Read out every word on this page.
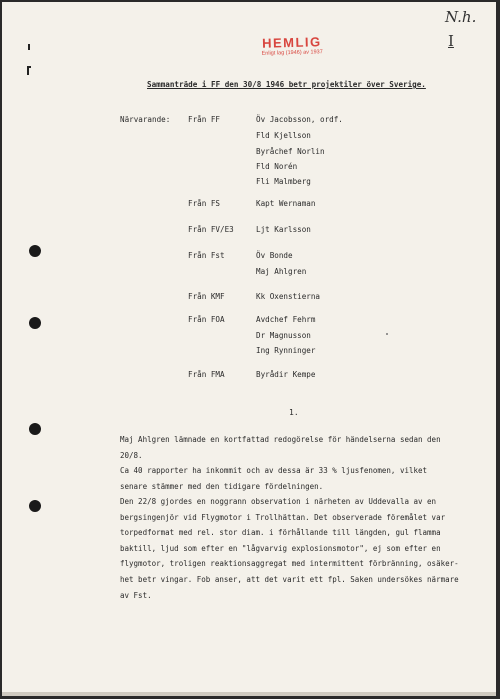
HEMLIG
Enligt lag (1946) av 1937
N.h.
I
Sammanträde i FF den 30/8 1946 betr projektiler över Sverige.
Närvarande: Från FF	Öv Jacobsson, ordf.
Fld Kjellson
Byråchef Norlin
Fld Norén
Fli Malmberg
Från FS	Kapt Wernaman
Från FV/E3	Ljt Karlsson
Från Fst	Öv Bonde
Maj Ahlgren
Från KMF	Kk Oxenstierna
Från FOA	Avdchef Fehrm
Dr Magnusson
Ing Rynninger
Från FMA	Byrådir Kempe
1.
Maj Ahlgren lämnade en kortfattad redogörelse för händelserna sedan den
20/8.
Ca 40 rapporter ha inkommit och av dessa är 33 % ljusfenomen, vilket
senare stämmer med den tidigare fördelningen.
Den 22/8 gjordes en noggrann observation i närheten av Uddevalla av en
bergsingenjör vid Flygmotor i Trollhättan. Det observerade föremålet var
torpedformat med rel. stor diam. i förhållande till längden, gul flamma
baktill, ljud som efter en "lågvarvig explosionsmotor", ej som efter en
flygmotor, troligen reaktionsaggregat med intermittent förbränning, osäker-
het betr vingar. Fob anser, att det varit ett fpl. Saken undersökes närmare
av Fst.
